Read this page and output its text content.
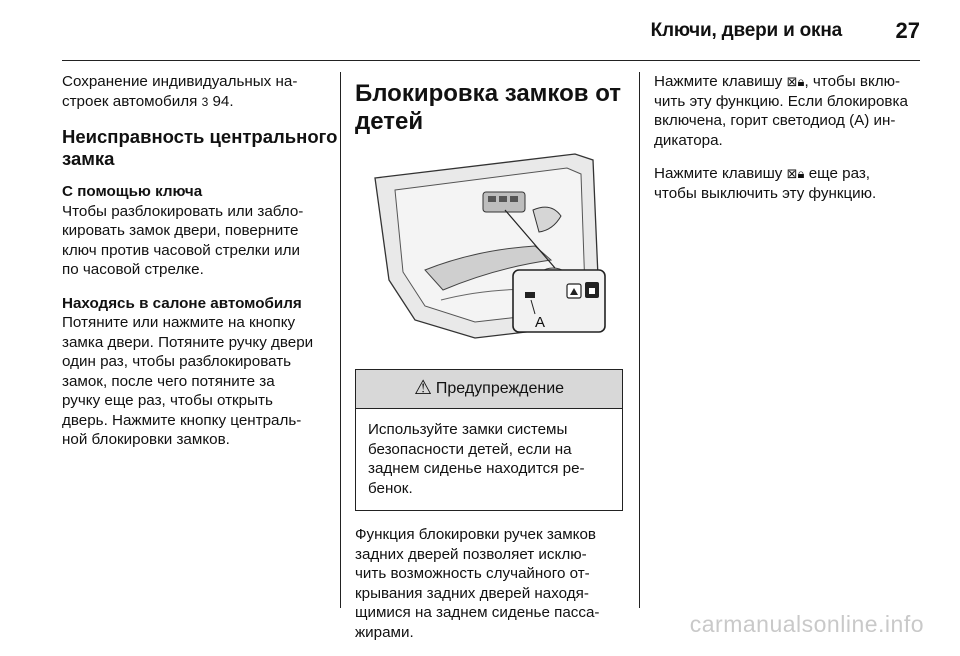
Ключи, двери и окна 27

Сохранение индивидуальных на-
строек автомобиля 3 94.

Неисправность центрального
замка

С помощью ключа
Чтобы разблокировать или забло-
кировать замок двери, поверните
ключ против часовой стрелки или
по часовой стрелке.

Находясь в салоне автомобиля
Потяните или нажмите на кнопку
замка двери. Потяните ручку двери
один раз, чтобы разблокировать
замок, после чего потяните за
ручку еще раз, чтобы открыть
дверь. Нажмите кнопку централь-
ной блокировки замков.

Блокировка замков от
детей
A
⚠ Предупреждение
Используйте замки системы
безопасности детей, если на
заднем сиденье находится ре-
бенок.

Функция блокировки ручек замков
задних дверей позволяет исклю-
чить возможность случайного от-
крывания задних дверей находя-
щимися на заднем сиденье пасса-
жирами.

Нажмите клавишу ⊠🔒︎, чтобы вклю-
чить эту функцию. Если блокировка
включена, горит светодиод (A) ин-
дикатора.

Нажмите клавишу ⊠🔒︎ еще раз,
чтобы выключить эту функцию.

carmanualsonline.info
